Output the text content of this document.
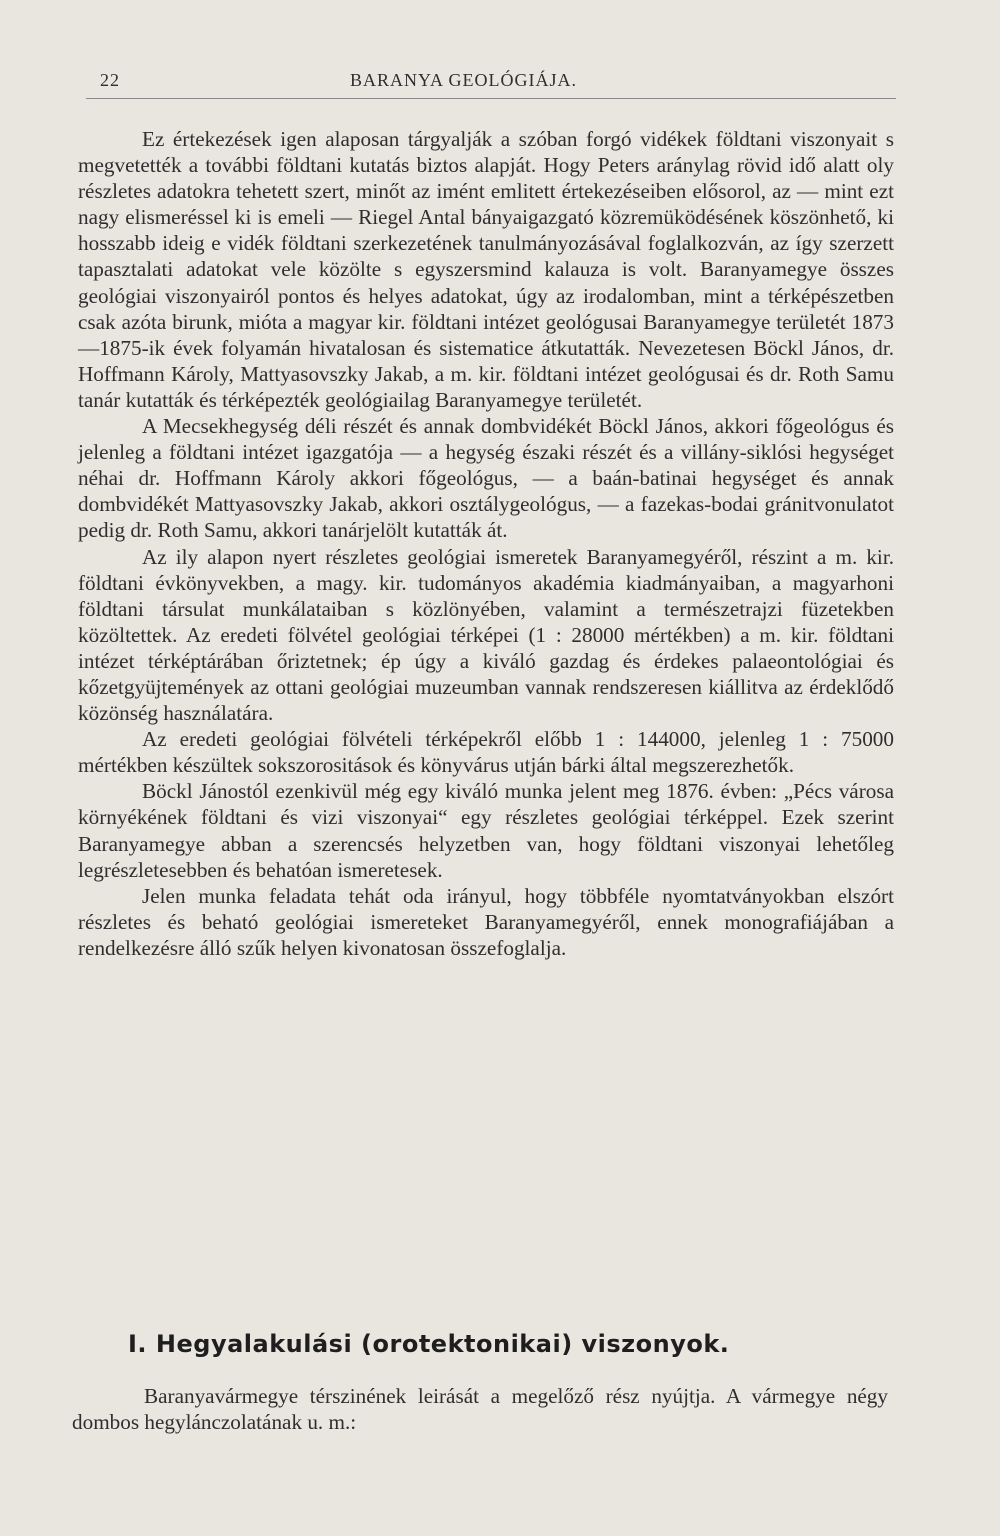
22	BARANYA GEOLÓGIÁJA.

Ez értekezések igen alaposan tárgyalják a szóban forgó vidékek földtani viszonyait s megvetették a további földtani kutatás biztos alapját. Hogy Peters aránylag rövid idő alatt oly részletes adatokra tehetett szert, minőt az imént emlitett értekezéseiben elősorol, az — mint ezt nagy elismeréssel ki is emeli — Riegel Antal bányaigazgató közremüködésének köszönhető, ki hosszabb ideig e vidék földtani szerkezetének tanulmányozásával foglalkozván, az így szerzett tapasztalati adatokat vele közölte s egyszersmind kalauza is volt. Baranyamegye összes geológiai viszonyairól pontos és helyes adatokat, úgy az irodalomban, mint a térképészetben csak azóta birunk, mióta a magyar kir. földtani intézet geológusai Baranyamegye területét 1873—1875-ik évek folyamán hivatalosan és sistematice átkutatták. Nevezetesen Böckl János, dr. Hoffmann Károly, Mattyasovszky Jakab, a m. kir. földtani intézet geológusai és dr. Roth Samu tanár kutatták és térképezték geológiailag Baranyamegye területét.

A Mecsekhegység déli részét és annak dombvidékét Böckl János, akkori főgeológus és jelenleg a földtani intézet igazgatója — a hegység északi részét és a villány-siklósi hegységet néhai dr. Hoffmann Károly akkori főgeológus, — a baán-batinai hegységet és annak dombvidékét Mattyasovszky Jakab, akkori osztálygeológus, — a fazekas-bodai gránitvonulatot pedig dr. Roth Samu, akkori tanárjelölt kutatták át.

Az ily alapon nyert részletes geológiai ismeretek Baranyamegyéről, részint a m. kir. földtani évkönyvekben, a magy. kir. tudományos akadémia kiadmányaiban, a magyarhoni földtani társulat munkálataiban s közlönyében, valamint a természetrajzi füzetekben közöltettek. Az eredeti fölvétel geológiai térképei (1 : 28000 mértékben) a m. kir. földtani intézet térképtárában őriztetnek; ép úgy a kiváló gazdag és érdekes palaeontológiai és kőzetgyüjtemények az ottani geológiai muzeumban vannak rendszeresen kiállitva az érdeklődő közönség használatára.

Az eredeti geológiai fölvételi térképekről előbb 1 : 144000, jelenleg 1 : 75000 mértékben készültek sokszorositások és könyvárus utján bárki által megszerezhetők.

Böckl Jánostól ezenkivül még egy kiváló munka jelent meg 1876. évben: „Pécs városa környékének földtani és vizi viszonyai“ egy részletes geológiai térképpel. Ezek szerint Baranyamegye abban a szerencsés helyzetben van, hogy földtani viszonyai lehetőleg legrészletesebben és behatóan ismeretesek.

Jelen munka feladata tehát oda irányul, hogy többféle nyomtatványokban elszórt részletes és beható geológiai ismereteket Baranyamegyéről, ennek monografiájában a rendelkezésre álló szűk helyen kivonatosan összefoglalja.

I. Hegyalakulási (orotektonikai) viszonyok.

Baranyavármegye térszinének leirását a megelőző rész nyújtja. A vármegye négy dombos hegylánczolatának u. m.:
